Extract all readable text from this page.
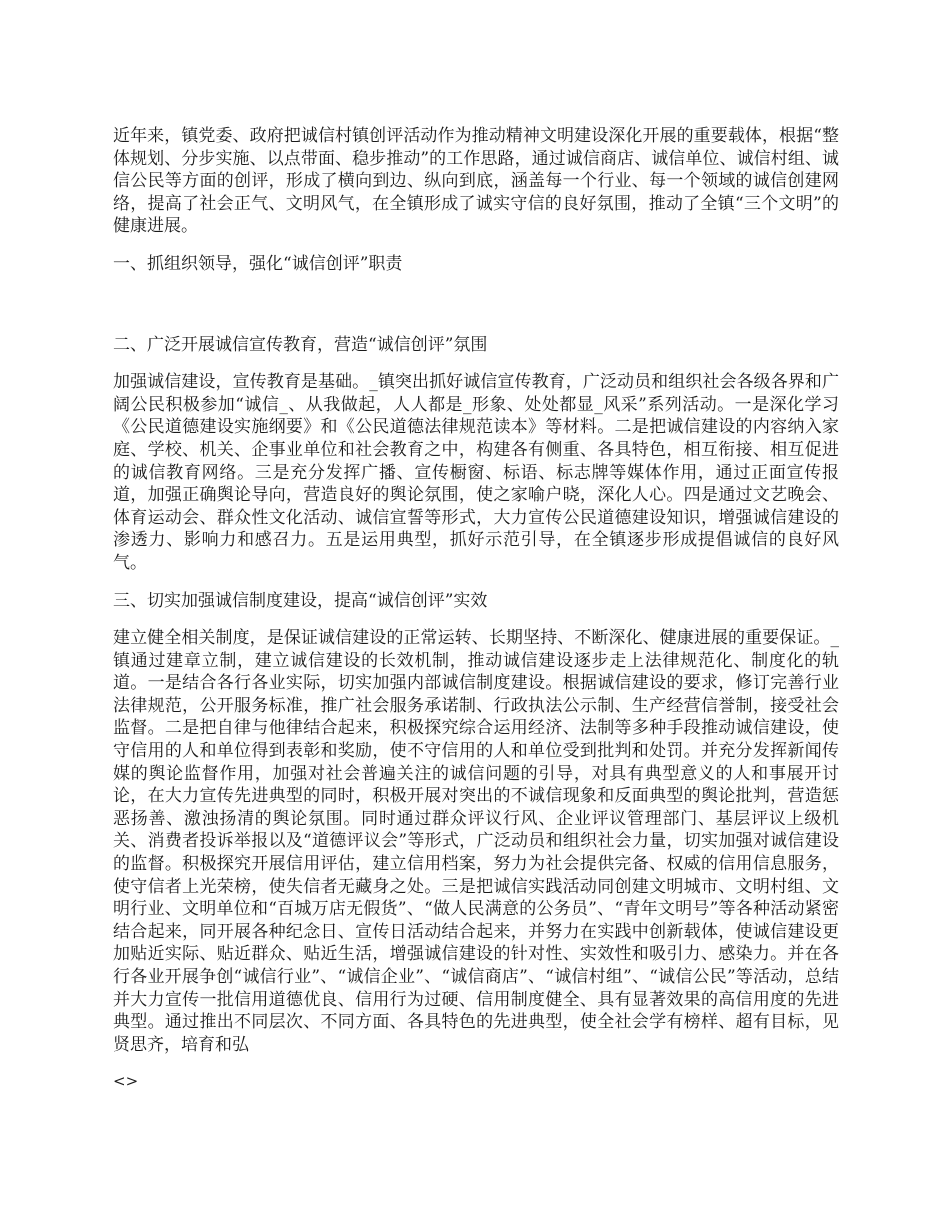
近年来，镇党委、政府把诚信村镇创评活动作为推动精神文明建设深化开展的重要载体，根据“整体规划、分步实施、以点带面、稳步推动”的工作思路，通过诚信商店、诚信单位、诚信村组、诚信公民等方面的创评，形成了横向到边、纵向到底，涵盖每一个行业、每一个领域的诚信创建网络，提高了社会正气、文明风气，在全镇形成了诚实守信的良好氛围，推动了全镇“三个文明”的健康进展。

一、抓组织领导，强化“诚信创评”职责

二、广泛开展诚信宣传教育，营造“诚信创评”氛围

加强诚信建设，宣传教育是基础。_镇突出抓好诚信宣传教育，广泛动员和组织社会各级各界和广阔公民积极参加“诚信_、从我做起，人人都是_形象、处处都显_风采”系列活动。一是深化学习《公民道德建设实施纲要》和《公民道德法律规范读本》等材料。二是把诚信建设的内容纳入家庭、学校、机关、企事业单位和社会教育之中，构建各有侧重、各具特色，相互衔接、相互促进的诚信教育网络。三是充分发挥广播、宣传橱窗、标语、标志牌等媒体作用，通过正面宣传报道，加强正确舆论导向，营造良好的舆论氛围，使之家喻户晓，深化人心。四是通过文艺晚会、体育运动会、群众性文化活动、诚信宣誓等形式，大力宣传公民道德建设知识，增强诚信建设的渗透力、影响力和感召力。五是运用典型，抓好示范引导，在全镇逐步形成提倡诚信的良好风气。

三、切实加强诚信制度建设，提高“诚信创评”实效

建立健全相关制度，是保证诚信建设的正常运转、长期坚持、不断深化、健康进展的重要保证。_镇通过建章立制，建立诚信建设的长效机制，推动诚信建设逐步走上法律规范化、制度化的轨道。一是结合各行各业实际，切实加强内部诚信制度建设。根据诚信建设的要求，修订完善行业法律规范，公开服务标准，推广社会服务承诺制、行政执法公示制、生产经营信誉制，接受社会监督。二是把自律与他律结合起来，积极探究综合运用经济、法制等多种手段推动诚信建设，使守信用的人和单位得到表彰和奖励，使不守信用的人和单位受到批判和处罚。并充分发挥新闻传媒的舆论监督作用，加强对社会普遍关注的诚信问题的引导，对具有典型意义的人和事展开讨论，在大力宣传先进典型的同时，积极开展对突出的不诚信现象和反面典型的舆论批判，营造惩恶扬善、激浊扬清的舆论氛围。同时通过群众评议行风、企业评议管理部门、基层评议上级机关、消费者投诉举报以及“道德评议会”等形式，广泛动员和组织社会力量，切实加强对诚信建设的监督。积极探究开展信用评估，建立信用档案，努力为社会提供完备、权威的信用信息服务，使守信者上光荣榜，使失信者无藏身之处。三是把诚信实践活动同创建文明城市、文明村组、文明行业、文明单位和“百城万店无假货”、“做人民满意的公务员”、“青年文明号”等各种活动紧密结合起来，同开展各种纪念日、宣传日活动结合起来，并努力在实践中创新载体，使诚信建设更加贴近实际、贴近群众、贴近生活，增强诚信建设的针对性、实效性和吸引力、感染力。并在各行各业开展争创“诚信行业”、“诚信企业”、“诚信商店”、“诚信村组”、“诚信公民”等活动，总结并大力宣传一批信用道德优良、信用行为过硬、信用制度健全、具有显著效果的高信用度的先进典型。通过推出不同层次、不同方面、各具特色的先进典型，使全社会学有榜样、超有目标，见贤思齐，培育和弘

<>
